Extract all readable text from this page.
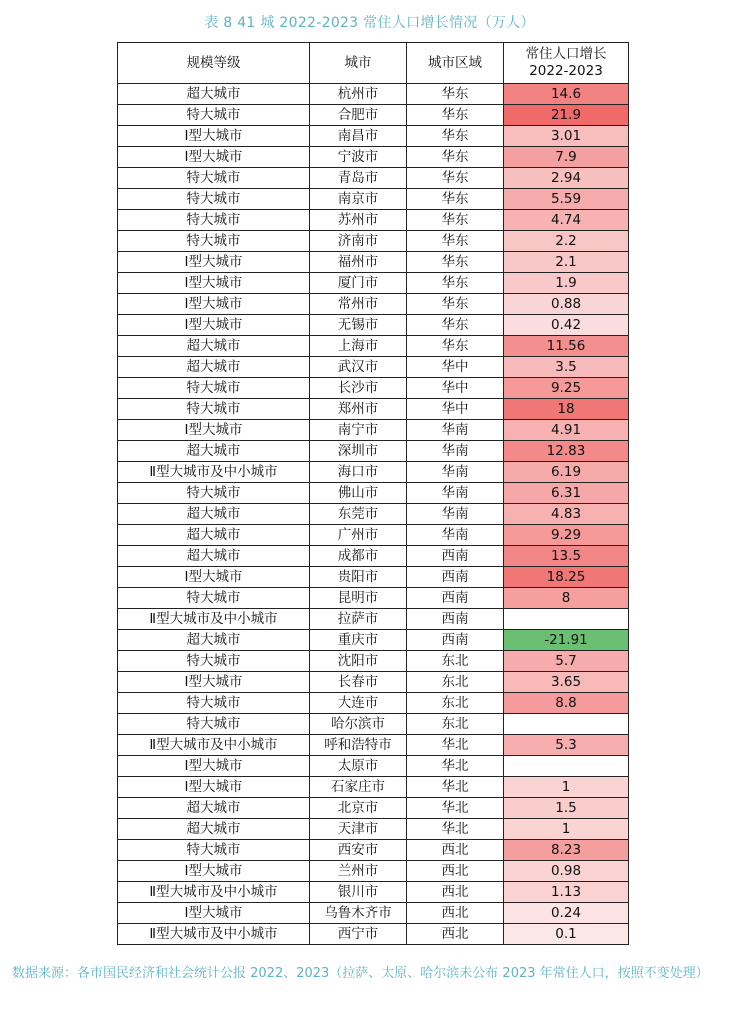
表 8 41 城 2022-2023 常住人口增长情况（万人）
规模等级	城市	城市区域	常住人口增长
2022-2023

超大城市	杭州市	华东	14.6
特大城市	合肥市	华东	21.9
Ⅰ型大城市	南昌市	华东	3.01
Ⅰ型大城市	宁波市	华东	7.9
特大城市	青岛市	华东	2.94
特大城市	南京市	华东	5.59
特大城市	苏州市	华东	4.74
特大城市	济南市	华东	2.2
Ⅰ型大城市	福州市	华东	2.1
Ⅰ型大城市	厦门市	华东	1.9
Ⅰ型大城市	常州市	华东	0.88
Ⅰ型大城市	无锡市	华东	0.42
超大城市	上海市	华东	11.56
超大城市	武汉市	华中	3.5
特大城市	长沙市	华中	9.25
特大城市	郑州市	华中	18
Ⅰ型大城市	南宁市	华南	4.91
超大城市	深圳市	华南	12.83
Ⅱ型大城市及中小城市	海口市	华南	6.19
特大城市	佛山市	华南	6.31
超大城市	东莞市	华南	4.83
超大城市	广州市	华南	9.29
超大城市	成都市	西南	13.5
Ⅰ型大城市	贵阳市	西南	18.25
特大城市	昆明市	西南	8
Ⅱ型大城市及中小城市	拉萨市	西南	
超大城市	重庆市	西南	-21.91
特大城市	沈阳市	东北	5.7
Ⅰ型大城市	长春市	东北	3.65
特大城市	大连市	东北	8.8
特大城市	哈尔滨市	东北	
Ⅱ型大城市及中小城市	呼和浩特市	华北	5.3
Ⅰ型大城市	太原市	华北	
Ⅰ型大城市	石家庄市	华北	1
超大城市	北京市	华北	1.5
超大城市	天津市	华北	1
特大城市	西安市	西北	8.23
Ⅰ型大城市	兰州市	西北	0.98
Ⅱ型大城市及中小城市	银川市	西北	1.13
Ⅰ型大城市	乌鲁木齐市	西北	0.24
Ⅱ型大城市及中小城市	西宁市	西北	0.1
数据来源：各市国民经济和社会统计公报 2022、2023（拉萨、太原、哈尔滨未公布 2023 年常住人口，按照不变处理）
